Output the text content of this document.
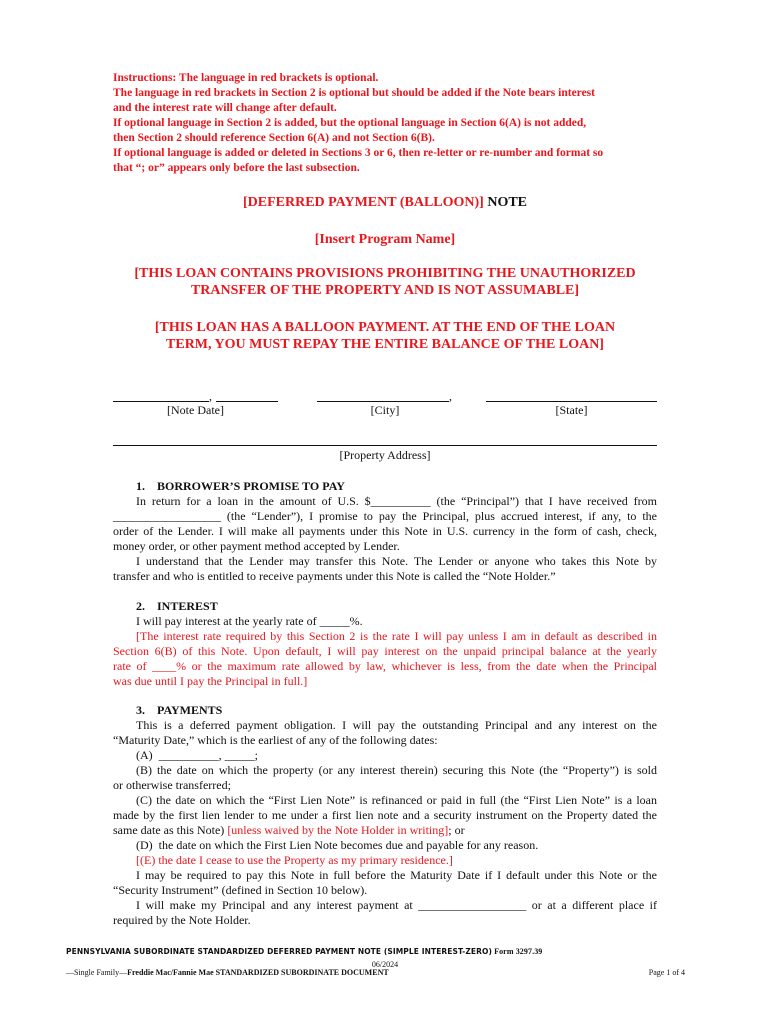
Instructions: The language in red brackets is optional.
The language in red brackets in Section 2 is optional but should be added if the Note bears interest
and the interest rate will change after default.
If optional language in Section 2 is added, but the optional language in Section 6(A) is not added,
then Section 2 should reference Section 6(A) and not Section 6(B).
If optional language is added or deleted in Sections 3 or 6, then re-letter or re-number and format so
that “; or” appears only before the last subsection.
[DEFERRED PAYMENT (BALLOON)] NOTE
[Insert Program Name]
[THIS LOAN CONTAINS PROVISIONS PROHIBITING THE UNAUTHORIZED
TRANSFER OF THE PROPERTY AND IS NOT ASSUMABLE]
[THIS LOAN HAS A BALLOON PAYMENT. AT THE END OF THE LOAN
TERM, YOU MUST REPAY THE ENTIRE BALANCE OF THE LOAN]
,
[Note Date]
,
[City]	[State]
[Property Address]
1.    BORROWER’S PROMISE TO PAY
In return for a loan in the amount of U.S. $__________ (the “Principal”) that I have received from
__________________ (the “Lender”), I promise to pay the Principal, plus accrued interest, if any, to the
order of the Lender. I will make all payments under this Note in U.S. currency in the form of cash, check,
money order, or other payment method accepted by Lender.
I understand that the Lender may transfer this Note. The Lender or anyone who takes this Note by
transfer and who is entitled to receive payments under this Note is called the “Note Holder.”
2.    INTEREST
I will pay interest at the yearly rate of _____%.
[The interest rate required by this Section 2 is the rate I will pay unless I am in default as described in
Section 6(B) of this Note. Upon default, I will pay interest on the unpaid principal balance at the yearly
rate of ____% or the maximum rate allowed by law, whichever is less, from the date when the Principal
was due until I pay the Principal in full.]
3.    PAYMENTS
This is a deferred payment obligation. I will pay the outstanding Principal and any interest on the
“Maturity Date,” which is the earliest of any of the following dates:
(A)  __________, _____;
(B) the date on which the property (or any interest therein) securing this Note (the “Property”) is sold
or otherwise transferred;
(C) the date on which the “First Lien Note” is refinanced or paid in full (the “First Lien Note” is a loan
made by the first lien lender to me under a first lien note and a security instrument on the Property dated the
same date as this Note) [unless waived by the Note Holder in writing]; or
(D)  the date on which the First Lien Note becomes due and payable for any reason.
[(E) the date I cease to use the Property as my primary residence.]
I may be required to pay this Note in full before the Maturity Date if I default under this Note or the
“Security Instrument” (defined in Section 10 below).
I will make my Principal and any interest payment at __________________ or at a different place if
required by the Note Holder.
PENNSYLVANIA SUBORDINATE STANDARDIZED DEFERRED PAYMENT NOTE (SIMPLE INTEREST-ZERO) Form 3297.39
06/2024
—Single Family—Freddie Mac/Fannie Mae STANDARDIZED SUBORDINATE DOCUMENT	Page 1 of 4
